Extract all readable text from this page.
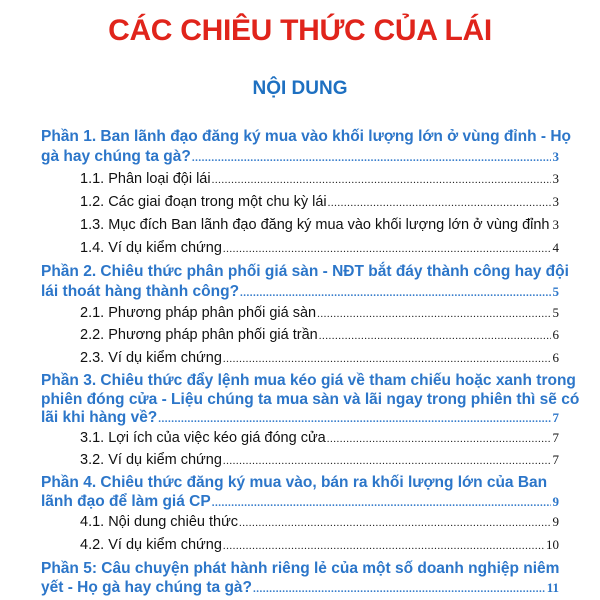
CÁC CHIÊU THỨC CỦA LÁI
NỘI DUNG
Phần 1. Ban lãnh đạo đăng ký mua vào khối lượng lớn ở vùng đỉnh - Họ
gà hay chúng ta gà? .....	3
1.1. Phân loại đội lái .....	3
1.2. Các giai đoạn trong một chu kỳ lái .....	3
1.3. Mục đích Ban lãnh đạo đăng ký mua vào khối lượng lớn ở vùng đỉnh 3
1.4. Ví dụ kiểm chứng .....	4
Phần 2. Chiêu thức phân phối giá sàn - NĐT bắt đáy thành công hay đội
lái thoát hàng thành công? .....	5
2.1. Phương pháp phân phối giá sàn .....	5
2.2. Phương pháp phân phối giá trần .....	6
2.3. Ví dụ kiểm chứng .....	6
Phần 3. Chiêu thức đẩy lệnh mua kéo giá về tham chiếu hoặc xanh trong
phiên đóng cửa - Liệu chúng ta mua sàn và lãi ngay trong phiên thì sẽ có
lãi khi hàng về? .....	7
3.1. Lợi ích của việc kéo giá đóng cửa .....	7
3.2. Ví dụ kiểm chứng .....	7
Phần 4. Chiêu thức đăng ký mua vào, bán ra khối lượng lớn của Ban
lãnh đạo để làm giá CP .....	9
4.1. Nội dung chiêu thức .....	9
4.2. Ví dụ kiểm chứng .....	10
Phần 5: Câu chuyện phát hành riêng lẻ của một số doanh nghiệp niêm
yết - Họ gà hay chúng ta gà? .....	11
